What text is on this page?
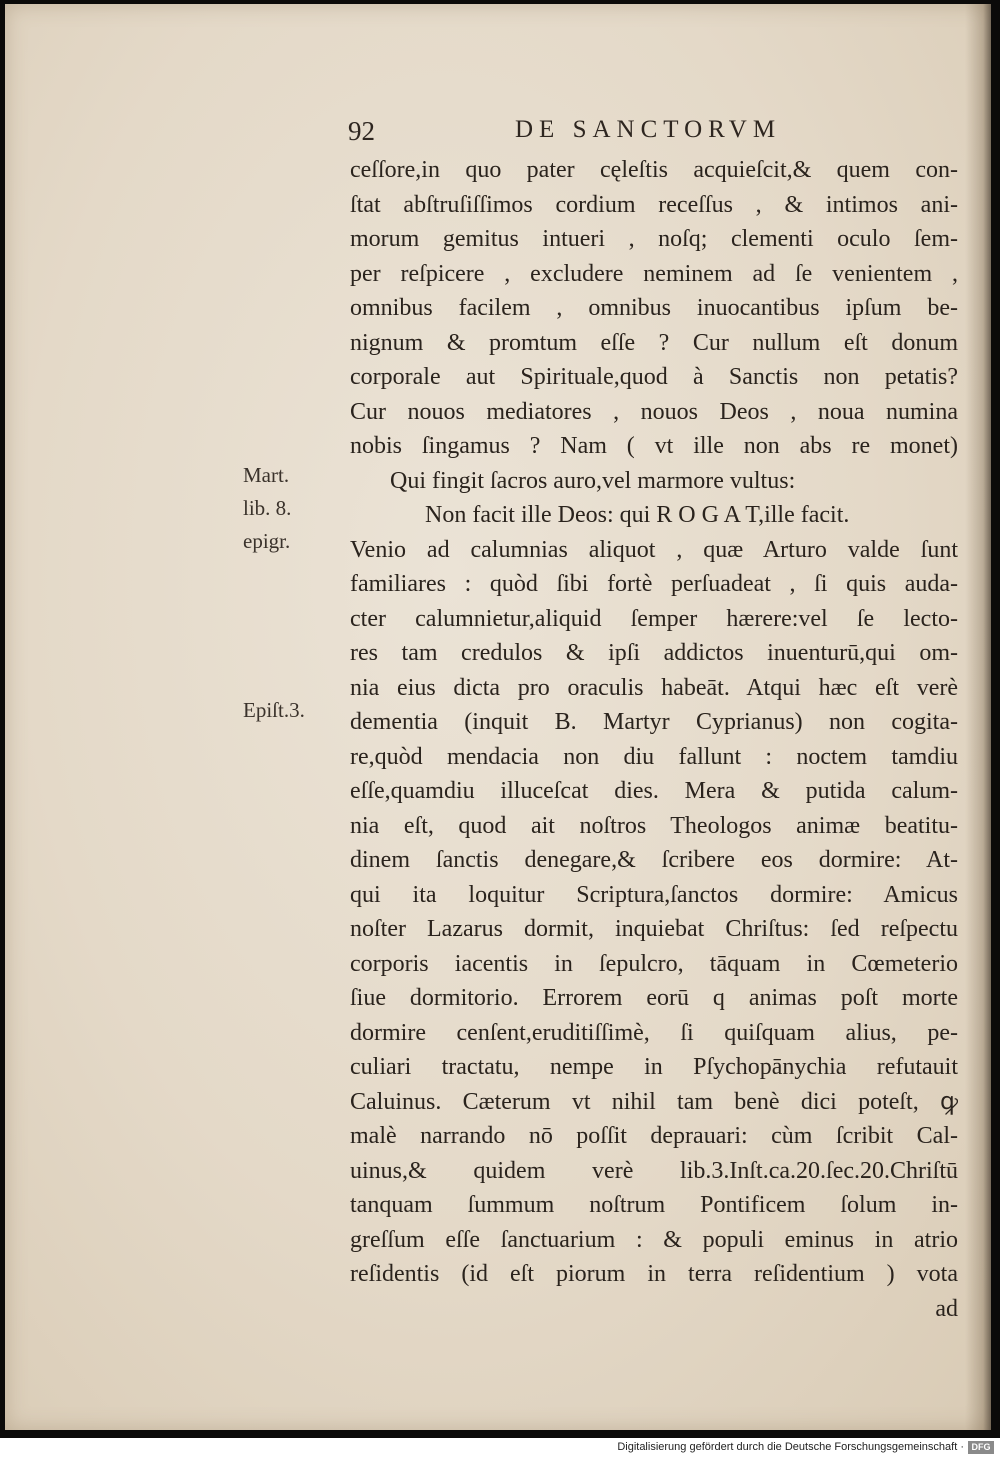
92	DE SANCTORVM
ceſſore,in quo pater cęleſtis acquieſcit,& quem con-
ſtat abſtruſiſſimos cordium receſſus , & intimos ani-
morum gemitus intueri , noſq; clementi oculo ſem-
per reſpicere , excludere neminem ad ſe venientem ,
omnibus facilem , omnibus inuocantibus ipſum be-
nignum & promtum eſſe ? Cur nullum eſt donum
corporale aut Spirituale,quod à Sanctis non petatis?
Cur nouos mediatores , nouos Deos , noua numina
nobis ſingamus ? Nam ( vt ille non abs re monet)
Qui fingit ſacros auro,vel marmore vultus:
Non facit ille Deos: qui R O G A T,ille facit.
Venio ad calumnias aliquot , quæ Arturo valde ſunt
familiares : quòd ſibi fortè perſuadeat , ſi quis auda-
cter calumnietur,aliquid ſemper hærere:vel ſe lecto-
res tam credulos & ipſi addictos inuenturū,qui om-
nia eius dicta pro oraculis habeāt. Atqui hæc eſt verè
dementia (inquit B. Martyr Cyprianus) non cogita-
re,quòd mendacia non diu fallunt : noctem tamdiu
eſſe,quamdiu illuceſcat dies. Mera & putida calum-
nia eſt, quod ait noſtros Theologos animæ beatitu-
dinem ſanctis denegare,& ſcribere eos dormire: At-
qui ita loquitur Scriptura,ſanctos dormire: Amicus
noſter Lazarus dormit, inquiebat Chriſtus: ſed reſpectu
corporis iacentis in ſepulcro, tāquam in Cœmeterio
ſiue dormitorio. Errorem eorū q animas poſt morte
dormire cenſent,eruditiſſimè, ſi quiſquam alius, pe-
culiari tractatu, nempe in Pſychopānychia refutauit
Caluinus. Cæterum vt nihil tam benè dici poteſt, ꝙ
malè narrando nō poſſit deprauari: cùm ſcribit Cal-
uinus,& quidem verè lib.3.Inſt.ca.20.ſec.20.Chriſtū
tanquam ſummum noſtrum Pontificem ſolum in-
greſſum eſſe ſanctuarium : & populi eminus in atrio
reſidentis (id eſt piorum in terra reſidentium ) vota
ad
Mart.
lib. 8.
epigr.
Epiſt.3.
Digitalisierung gefördert durch die Deutsche Forschungsgemeinschaft · DFG
